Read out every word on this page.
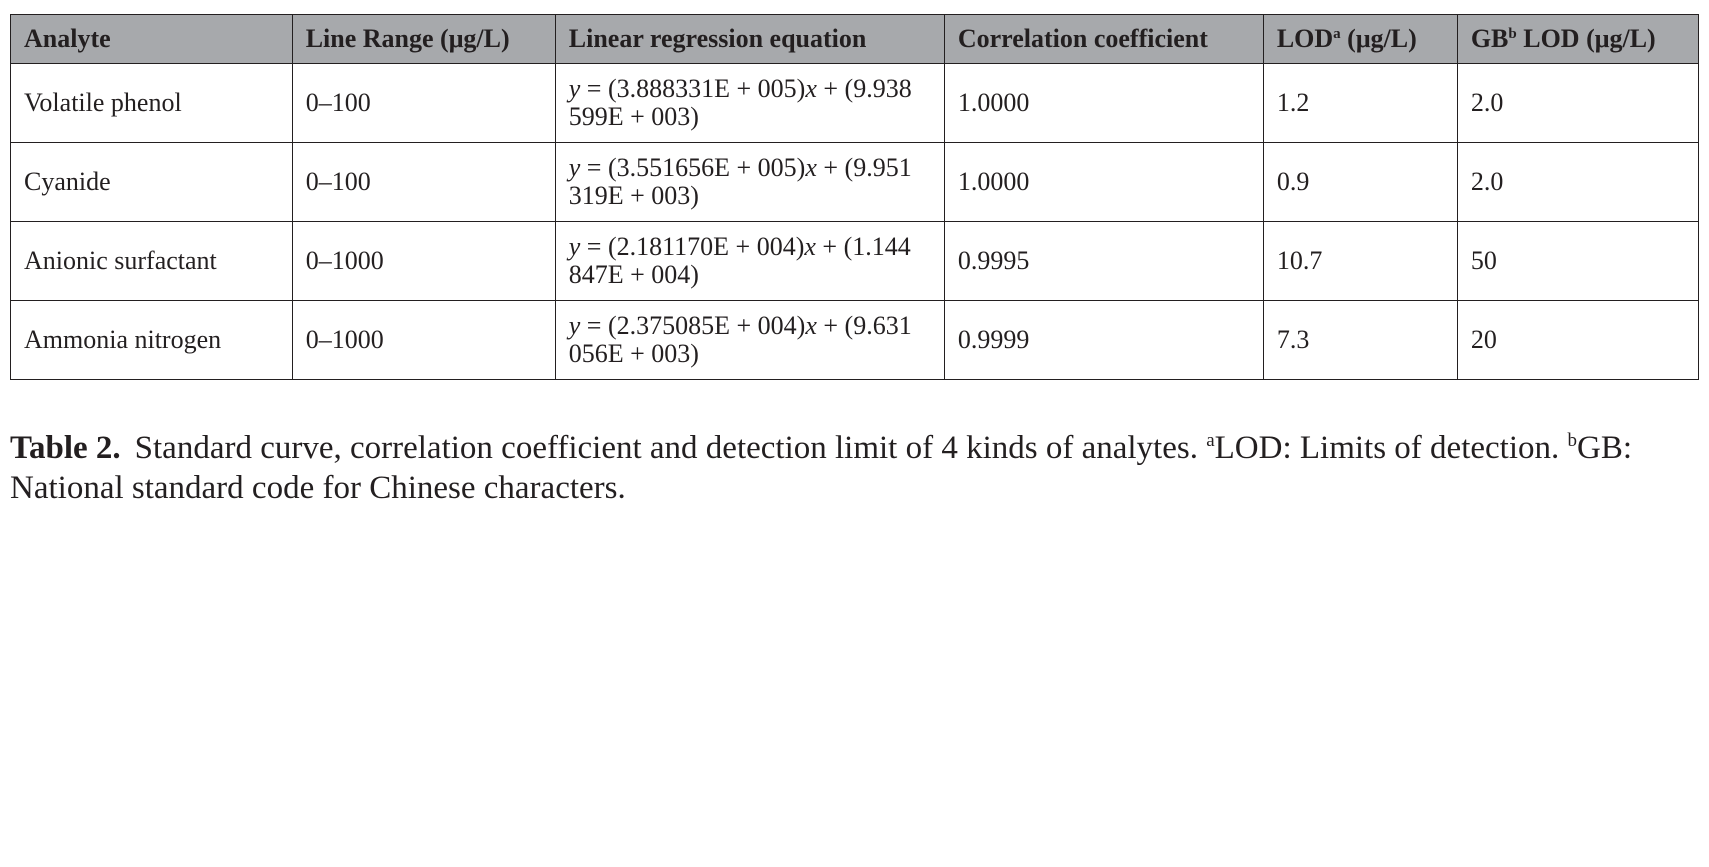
Analyte	Line Range (μg/L)	Linear regression equation	Correlation coefficient	LOD$^a$ (μg/L)	$GB^b$ LOD (μg/L)
Volatile phenol	0–100	y = (3.888331E + 005)x + (9.938
599E + 003)	1.0000	1.2	2.0
Cyanide	0–100	y = (3.551656E + 005)x + (9.951
319E + 003)	1.0000	0.9	2.0
Anionic surfactant	0–1000	y = (2.181170E + 004)x + (1.144
847E + 004)	0.9995	10.7	50
Ammonia nitrogen	0–1000	y = (2.375085E + 004)x + (9.631
056E + 003)	0.9999	7.3	20
Table 2. Standard curve, correlation coefficient and detection limit of 4 kinds of analytes. $^a$LOD: Limits of detection. $^b$GB: National standard code for Chinese characters.
